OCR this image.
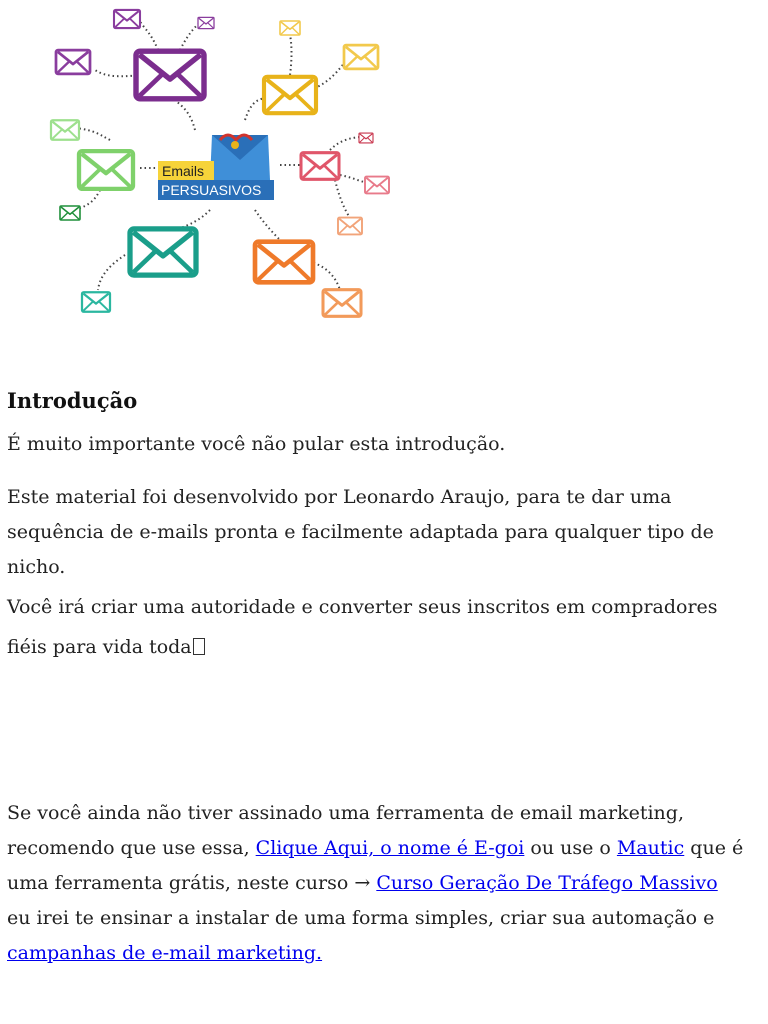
Emails
PERSUASIVOS
Introdução

É muito importante você não pular esta introdução.

Este material foi desenvolvido por Leonardo Araujo, para te dar uma sequência de e-mails pronta e facilmente adaptada para qualquer tipo de nicho.

Você irá criar uma autoridade e converter seus inscritos em compradores fiéis para vida toda

Se você ainda não tiver assinado uma ferramenta de email marketing, recomendo que use essa, Clique Aqui, o nome é E-goi ou use o Mautic que é uma ferramenta grátis, neste curso → Curso Geração De Tráfego Massivo
eu irei te ensinar a instalar de uma forma simples, criar sua automação e
campanhas de e-mail marketing.
